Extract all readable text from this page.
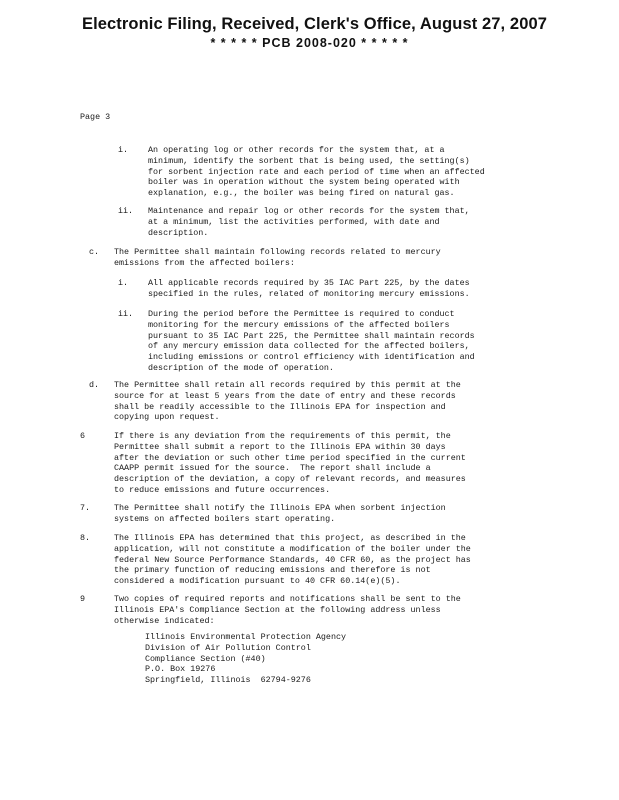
Electronic Filing, Received, Clerk's Office, August 27, 2007
* * * * * PCB 2008-020 * * * * *
Page 3
i. An operating log or other records for the system that, at a
minimum, identify the sorbent that is being used, the setting(s)
for sorbent injection rate and each period of time when an affected
boiler was in operation without the system being operated with
explanation, e.g., the boiler was being fired on natural gas.
ii. Maintenance and repair log or other records for the system that,
at a minimum, list the activities performed, with date and
description.
c. The Permittee shall maintain following records related to mercury
emissions from the affected boilers:
i. All applicable records required by 35 IAC Part 225, by the dates
specified in the rules, related of monitoring mercury emissions.
ii. During the period before the Permittee is required to conduct
monitoring for the mercury emissions of the affected boilers
pursuant to 35 IAC Part 225, the Permittee shall maintain records
of any mercury emission data collected for the affected boilers,
including emissions or control efficiency with identification and
description of the mode of operation.
d. The Permittee shall retain all records required by this permit at the
source for at least 5 years from the date of entry and these records
shall be readily accessible to the Illinois EPA for inspection and
copying upon request.
6	If there is any deviation from the requirements of this permit, the
Permittee shall submit a report to the Illinois EPA within 30 days
after the deviation or such other time period specified in the current
CAAPP permit issued for the source.  The report shall include a
description of the deviation, a copy of relevant records, and measures
to reduce emissions and future occurrences.
7.	The Permittee shall notify the Illinois EPA when sorbent injection
systems on affected boilers start operating.
8.	The Illinois EPA has determined that this project, as described in the
application, will not constitute a modification of the boiler under the
federal New Source Performance Standards, 40 CFR 60, as the project has
the primary function of reducing emissions and therefore is not
considered a modification pursuant to 40 CFR 60.14(e)(5).
9	Two copies of required reports and notifications shall be sent to the
Illinois EPA's Compliance Section at the following address unless
otherwise indicated:
Illinois Environmental Protection Agency
Division of Air Pollution Control
Compliance Section (#40)
P.O. Box 19276
Springfield, Illinois  62794-9276
